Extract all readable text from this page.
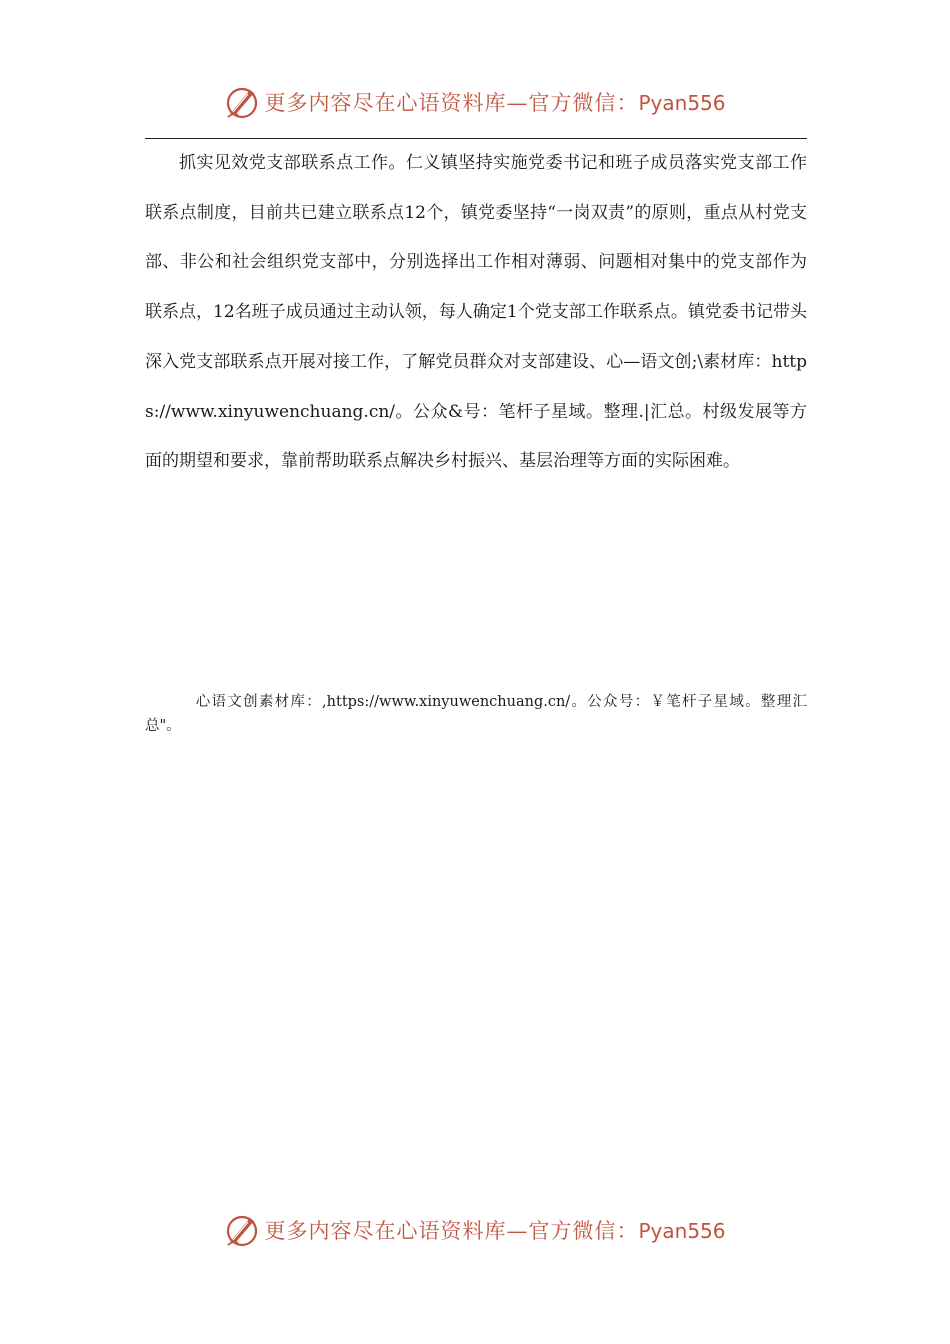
更多内容尽在心语资料库—官方微信：Pyan556

抓实见效党支部联系点工作。仁义镇坚持实施党委书记和班子成员落实党支部工作联系点制度，目前共已建立联系点12个，镇党委坚持“一岗双责”的原则，重点从村党支部、非公和社会组织党支部中，分别选择出工作相对薄弱、问题相对集中的党支部作为联系点，12名班子成员通过主动认领，每人确定1个党支部工作联系点。镇党委书记带头深入党支部联系点开展对接工作，了解党员群众对支部建设、心—语文创;\素材库：https://www.xinyuwenchuang.cn/。公众&号：笔杆子星域。整理.|汇总。村级发展等方面的期望和要求，靠前帮助联系点解决乡村振兴、基层治理等方面的实际困难。

心语文创素材库：,https://www.xinyuwenchuang.cn/。公众号：￥笔杆子星域。整理汇总"。

更多内容尽在心语资料库—官方微信：Pyan556
